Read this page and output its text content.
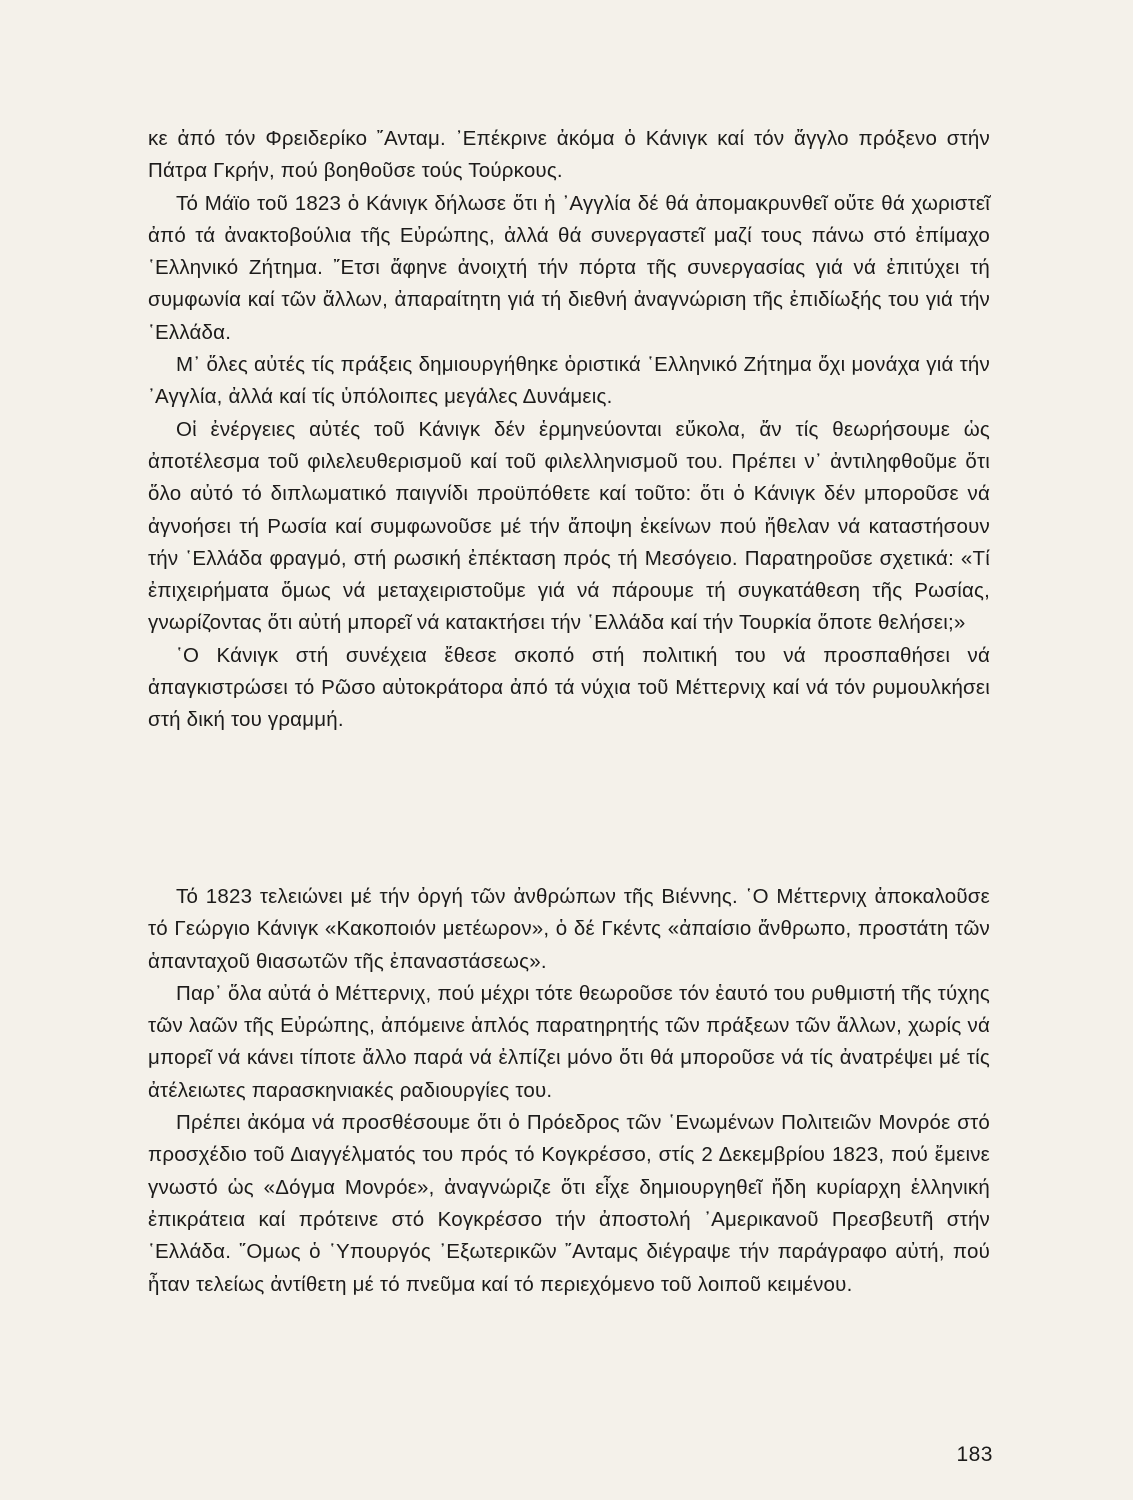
κε ἀπό τόν Φρειδερίκο ῎Ανταμ. ᾿Επέκρινε ἀκόμα ὁ Κάνιγκ καί τόν ἄγγλο πρόξενο στήν Πάτρα Γκρήν, πού βοηθοῦσε τούς Τούρκους.

Τό Μάϊο τοῦ 1823 ὁ Κάνιγκ δήλωσε ὅτι ἡ ᾿Αγγλία δέ θά ἀπομακρυνθεῖ οὔτε θά χωριστεῖ ἀπό τά ἀνακτοβούλια τῆς Εὐρώπης, ἀλλά θά συνεργαστεῖ μαζί τους πάνω στό ἐπίμαχο ῾Ελληνικό Ζήτημα. ῎Ετσι ἄφηνε ἀνοιχτή τήν πόρτα τῆς συνεργασίας γιά νά ἐπιτύχει τή συμφωνία καί τῶν ἄλλων, ἀπαραίτητη γιά τή διεθνή ἀναγνώριση τῆς ἐπιδίωξής του γιά τήν ῾Ελλάδα.

Μ᾿ ὅλες αὐτές τίς πράξεις δημιουργήθηκε ὁριστικά ῾Ελληνικό Ζήτημα ὄχι μονάχα γιά τήν ᾿Αγγλία, ἀλλά καί τίς ὑπόλοιπες μεγάλες Δυνάμεις.

Οἱ ἐνέργειες αὐτές τοῦ Κάνιγκ δέν ἑρμηνεύονται εὔκολα, ἄν τίς θεωρήσουμε ὡς ἀποτέλεσμα τοῦ φιλελευθερισμοῦ καί τοῦ φιλελληνισμοῦ του. Πρέπει ν᾿ ἀντιληφθοῦμε ὅτι ὅλο αὐτό τό διπλωματικό παιγνίδι προϋπόθετε καί τοῦτο: ὅτι ὁ Κάνιγκ δέν μποροῦσε νά ἀγνοήσει τή Ρωσία καί συμφωνοῦσε μέ τήν ἄποψη ἐκείνων πού ἤθελαν νά καταστήσουν τήν ῾Ελλάδα φραγμό, στή ρωσική ἐπέκταση πρός τή Μεσόγειο. Παρατηροῦσε σχετικά: «Τί ἐπιχειρήματα ὅμως νά μεταχειριστοῦμε γιά νά πάρουμε τή συγκατάθεση τῆς Ρωσίας, γνωρίζοντας ὅτι αὐτή μπορεῖ νά κατακτήσει τήν ῾Ελλάδα καί τήν Τουρκία ὅποτε θελήσει;»

῾Ο Κάνιγκ στή συνέχεια ἔθεσε σκοπό στή πολιτική του νά προσπαθήσει νά ἀπαγκιστρώσει τό Ρῶσο αὐτοκράτορα ἀπό τά νύχια τοῦ Μέττερνιχ καί νά τόν ρυμουλκήσει στή δική του γραμμή.

Τό 1823 τελειώνει μέ τήν ὀργή τῶν ἀνθρώπων τῆς Βιέννης. ῾Ο Μέττερνιχ ἀποκαλοῦσε τό Γεώργιο Κάνιγκ «Κακοποιόν μετέωρον», ὁ δέ Γκέντς «ἀπαίσιο ἄνθρωπο, προστάτη τῶν ἁπανταχοῦ θιασωτῶν τῆς ἐπαναστάσεως».

Παρ᾿ ὅλα αὐτά ὁ Μέττερνιχ, πού μέχρι τότε θεωροῦσε τόν ἑαυτό του ρυθμιστή τῆς τύχης τῶν λαῶν τῆς Εὐρώπης, ἀπόμεινε ἁπλός παρατηρητής τῶν πράξεων τῶν ἄλλων, χωρίς νά μπορεῖ νά κάνει τίποτε ἄλλο παρά νά ἐλπίζει μόνο ὅτι θά μποροῦσε νά τίς ἀνατρέψει μέ τίς ἀτέλειωτες παρασκηνιακές ραδιουργίες του.

Πρέπει ἀκόμα νά προσθέσουμε ὅτι ὁ Πρόεδρος τῶν ῾Ενωμένων Πολιτειῶν Μονρόε στό προσχέδιο τοῦ Διαγγέλματός του πρός τό Κογκρέσσο, στίς 2 Δεκεμβρίου 1823, πού ἔμεινε γνωστό ὡς «Δόγμα Μονρόε», ἀναγνώριζε ὅτι εἶχε δημιουργηθεῖ ἤδη κυρίαρχη ἑλληνική ἐπικράτεια καί πρότεινε στό Κογκρέσσο τήν ἀποστολή ᾿Αμερικανοῦ Πρεσβευτῆ στήν ῾Ελλάδα. ῞Ομως ὁ ῾Υπουργός ᾿Εξωτερικῶν ῎Ανταμς διέγραψε τήν παράγραφο αὐτή, πού ἦταν τελείως ἀντίθετη μέ τό πνεῦμα καί τό περιεχόμενο τοῦ λοιποῦ κειμένου.

183
